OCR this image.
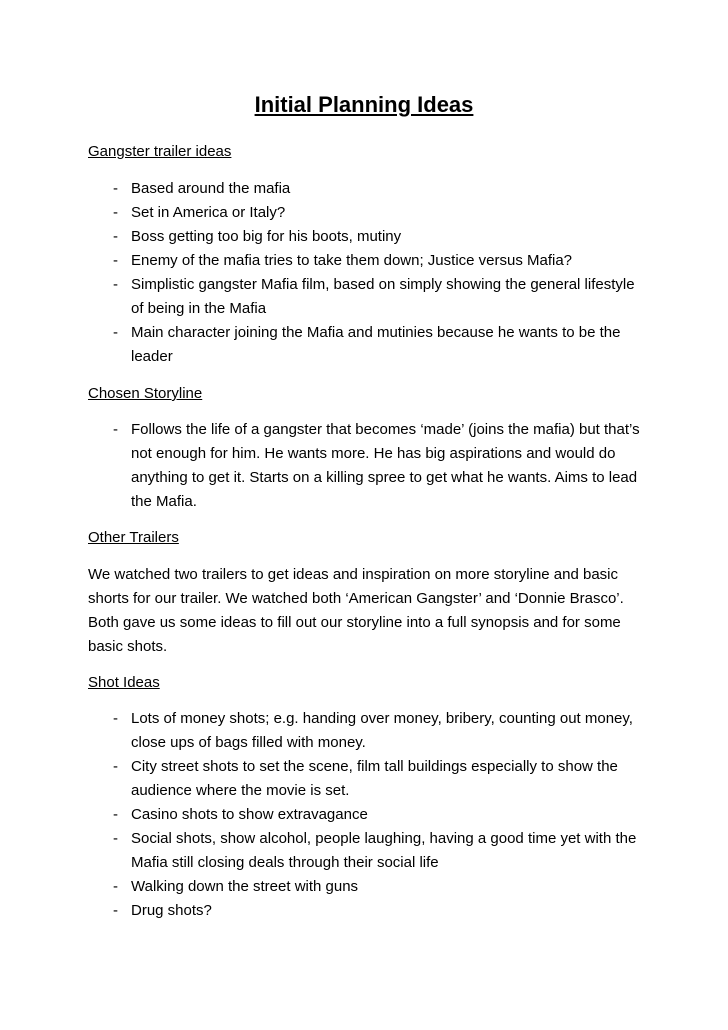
Initial Planning Ideas
Gangster trailer ideas
- Based around the mafia
- Set in America or Italy?
- Boss getting too big for his boots, mutiny
- Enemy of the mafia tries to take them down; Justice versus Mafia?
- Simplistic gangster Mafia film, based on simply showing the general lifestyle of being in the Mafia
- Main character joining the Mafia and mutinies because he wants to be the leader
Chosen Storyline
- Follows the life of a gangster that becomes ‘made’ (joins the mafia) but that’s not enough for him. He wants more. He has big aspirations and would do anything to get it. Starts on a killing spree to get what he wants. Aims to lead the Mafia.
Other Trailers

We watched two trailers to get ideas and inspiration on more storyline and basic shorts for our trailer. We watched both ‘American Gangster’ and ‘Donnie Brasco’. Both gave us some ideas to fill out our storyline into a full synopsis and for some basic shots.

Shot Ideas
- Lots of money shots; e.g. handing over money, bribery, counting out money, close ups of bags filled with money.
- City street shots to set the scene, film tall buildings especially to show the audience where the movie is set.
- Casino shots to show extravagance
- Social shots, show alcohol, people laughing, having a good time yet with the Mafia still closing deals through their social life
- Walking down the street with guns
- Drug shots?
